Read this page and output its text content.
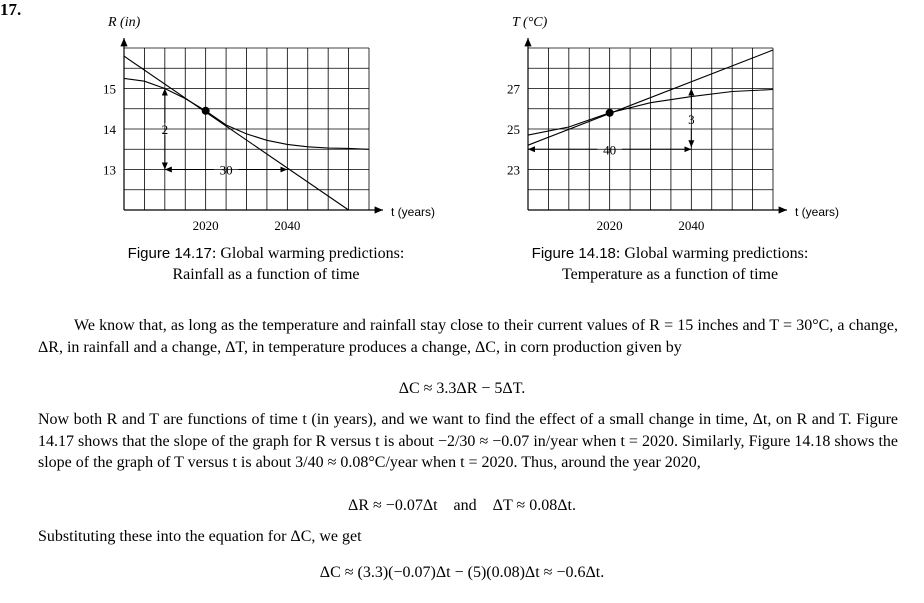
17.
R (in)
t (years)
2020	2040
13
14
15
2
30
T (°C)
t (years)
2020	2040
23
25
27
40
3
Figure 14.17: Global warming predictions:
Rainfall as a function of time
Figure 14.18: Global warming predictions:
Temperature as a function of time
We know that, as long as the temperature and rainfall stay close to their current values of R = 15 inches and T = 30°C, a change, ΔR, in rainfall and a change, ΔT, in temperature produces a change, ΔC, in corn production given by
ΔC ≈ 3.3ΔR − 5ΔT.
Now both R and T are functions of time t (in years), and we want to find the effect of a small change in time, Δt, on R and T. Figure 14.17 shows that the slope of the graph for R versus t is about −2/30 ≈ −0.07 in/year when t = 2020. Similarly, Figure 14.18 shows the slope of the graph of T versus t is about 3/40 ≈ 0.08°C/year when t = 2020. Thus, around the year 2020,
ΔR ≈ −0.07Δt    and    ΔT ≈ 0.08Δt.
Substituting these into the equation for ΔC, we get
ΔC ≈ (3.3)(−0.07)Δt − (5)(0.08)Δt ≈ −0.6Δt.
